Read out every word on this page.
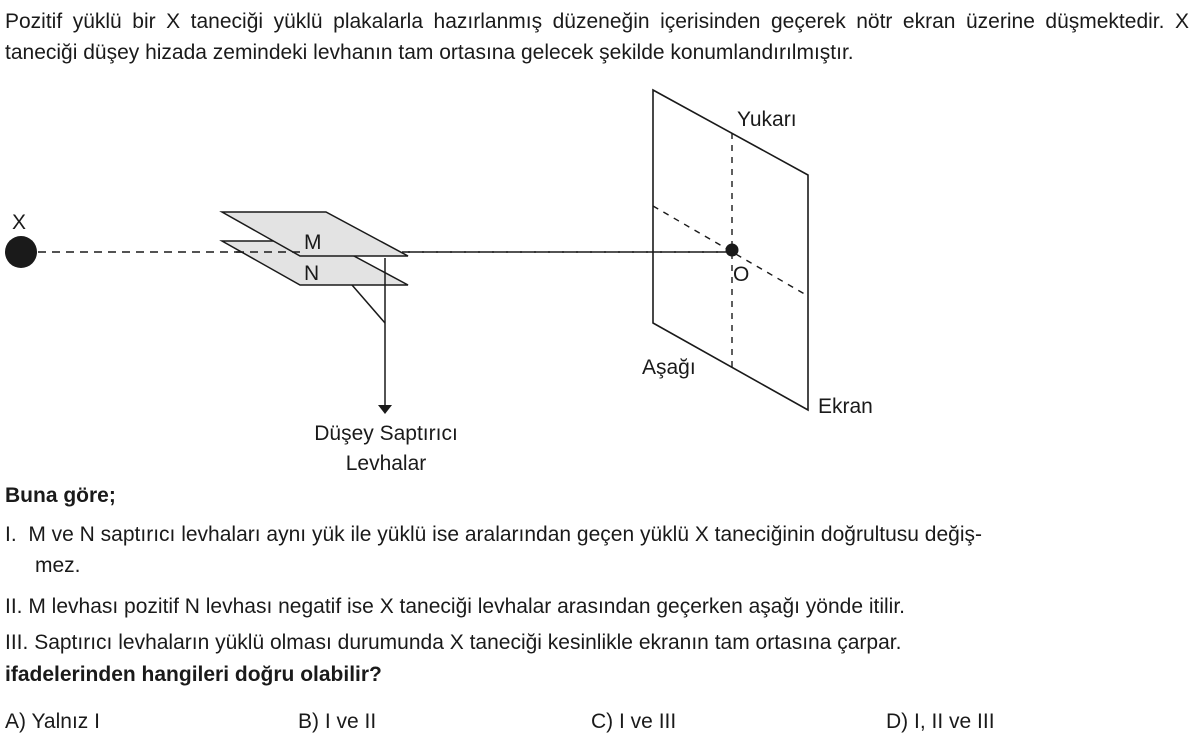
Pozitif yüklü bir X taneciği yüklü plakalarla hazırlanmış düzeneğin içerisinden geçerek nötr ekran üzerine düşmektedir. X taneciği düşey hizada zemindeki levhanın tam ortasına gelecek şekilde konumlandırılmıştır.

X
M
N
Düşey Saptırıcı
Levhalar
Yukarı
O
Aşağı
Ekran

Buna göre;

I. M ve N saptırıcı levhaları aynı yük ile yüklü ise aralarından geçen yüklü X taneciğinin doğrultusu değiş-
mez.
II. M levhası pozitif N levhası negatif ise X taneciği levhalar arasından geçerken aşağı yönde itilir.
III. Saptırıcı levhaların yüklü olması durumunda X taneciği kesinlikle ekranın tam ortasına çarpar.

ifadelerinden hangileri doğru olabilir?

A) Yalnız I	B) I ve II	C) I ve III	D) I, II ve III
